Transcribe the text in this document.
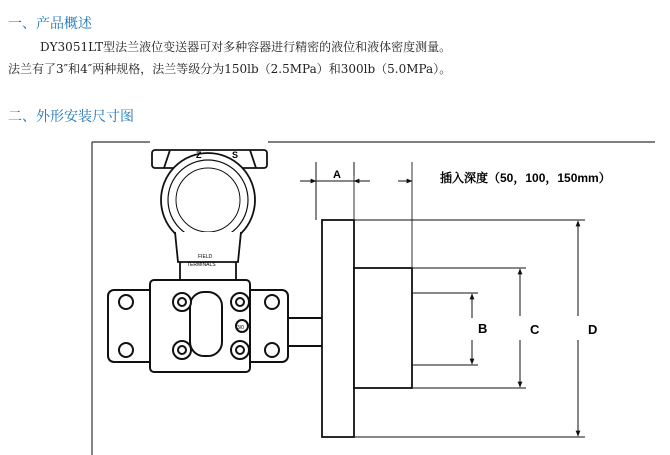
一、产品概述
DY3051LT型法兰液位变送器可对多种容器进行精密的液位和液体密度测量。
法兰有了3″和4″两种规格，法兰等级分为150lb（2.5MPa）和300lb（5.0MPa）。
二、外形安装尺寸图
Z	S
FIELD
TERMINALS
3/0
A	插入深度（50，100，150mm）
B	C	D
